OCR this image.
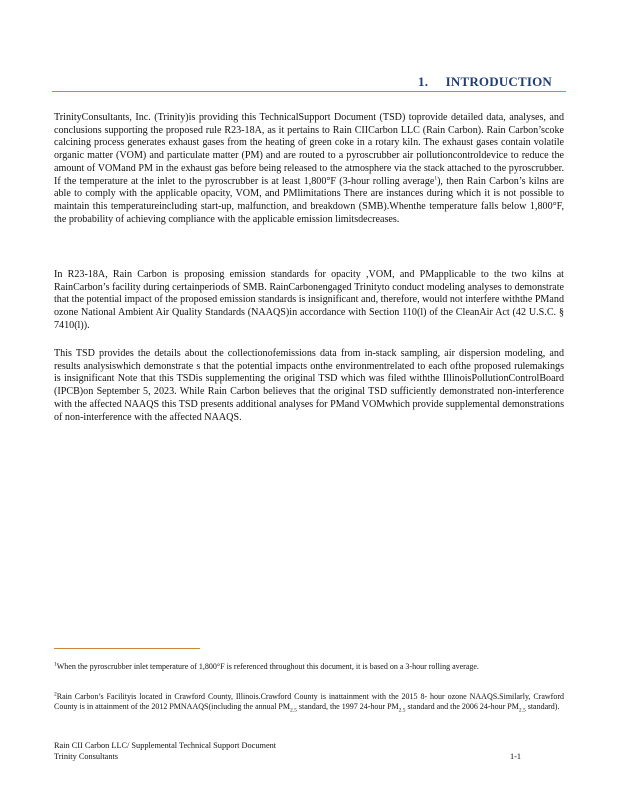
1. INTRODUCTION

TrinityConsultants, Inc. (Trinity)is providing this TechnicalSupport Document (TSD) toprovide detailed data, analyses, and conclusions supporting the proposed rule R23-18A, as it pertains to Rain CIICarbon LLC (Rain Carbon). Rain Carbon’scoke calcining process generates exhaust gases from the heating of green coke in a rotary kiln. The exhaust gases contain volatile organic matter (VOM) and particulate matter (PM) and are routed to a pyroscrubber air pollutioncontroldevice to reduce the amount of VOMand PM in the exhaust gas before being released to the atmosphere via the stack attached to the pyroscrubber. If the temperature at the inlet to the pyroscrubber is at least 1,800°F (3-hour rolling average$^1$), then Rain Carbon’s kilns are able to comply with the applicable opacity, VOM, and PMlimitations There are instances during which it is not possible to maintain this temperatureincluding start-up, malfunction, and breakdown (SMB).Whenthe temperature falls below 1,800°F, the probability of achieving compliance with the applicable emission limitsdecreases.

In R23-18A, Rain Carbon is proposing emission standards for opacity ,VOM, and PMapplicable to the two kilns at RainCarbon’s facility during certainperiods of SMB. RainCarbonengaged Trinityto conduct modeling analyses to demonstrate that the potential impact of the proposed emission standards is insignificant and, therefore, would not interfere withthe PMand ozone National Ambient Air Quality Standards (NAAQS)in accordance with Section 110(l) of the CleanAir Act (42 U.S.C. § 7410(l)).

This TSD provides the details about the collectionofemissions data from in-stack sampling, air dispersion modeling, and results analysiswhich demonstrate s that the potential impacts onthe environmentrelated to each ofthe proposed rulemakings is insignificant Note that this TSDis supplementing the original TSD which was filed withthe IllinoisPollutionControlBoard (IPCB)on September 5, 2023. While Rain Carbon believes that the original TSD sufficiently demonstrated non-interference with the affected NAAQS this TSD presents additional analyses for PMand VOMwhich provide supplemental demonstrations of non-interference with the affected NAAQS.

$^1$When the pyroscrubber inlet temperature of 1,800°F is referenced throughout this document, it is based on a 3-hour rolling average.

$^2$Rain Carbon’s Facilityis located in Crawford County, Illinois.Crawford County is inattainment with the 2015 8- hour ozone NAAQS.Similarly, Crawford County is in attainment of the 2012 PMNAAQS(including the annual $PM_{2.5}$ standard, the 1997 24-hour $PM_{2.5}$ standard and the 2006 24-hour $PM_{2.5}$ standard).

Rain CII Carbon LLC/ Supplemental Technical Support Document
Trinity Consultants	1-1
